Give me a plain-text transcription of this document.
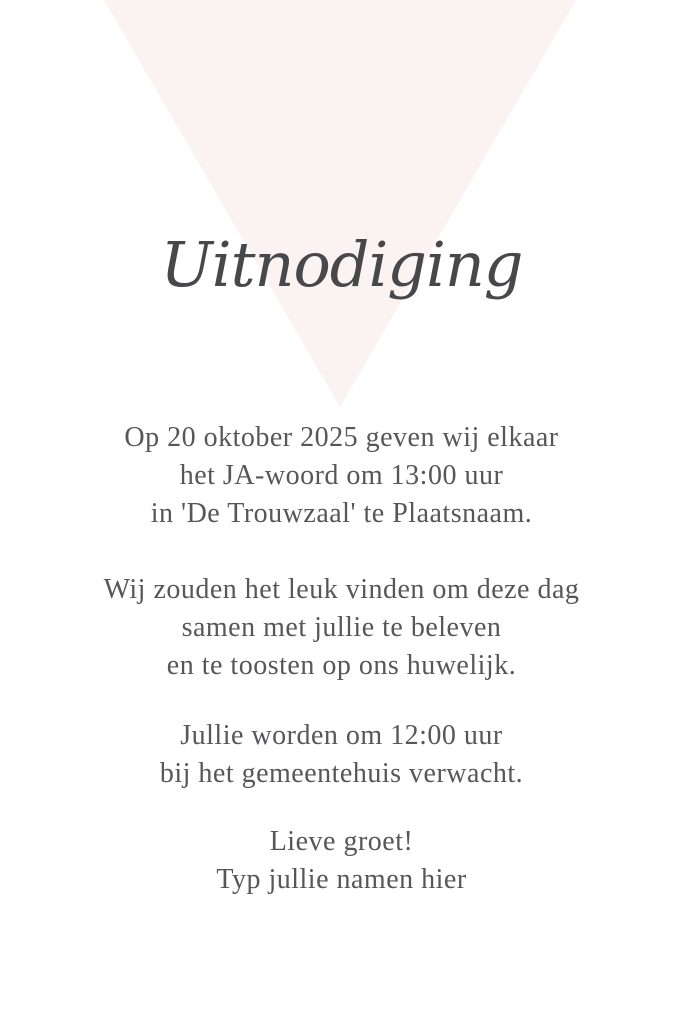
Uitnodiging

Op 20 oktober 2025 geven wij elkaar
het JA-woord om 13:00 uur
in 'De Trouwzaal' te Plaatsnaam.

Wij zouden het leuk vinden om deze dag
samen met jullie te beleven
en te toosten op ons huwelijk.

Jullie worden om 12:00 uur
bij het gemeentehuis verwacht.

Lieve groet!
Typ jullie namen hier
